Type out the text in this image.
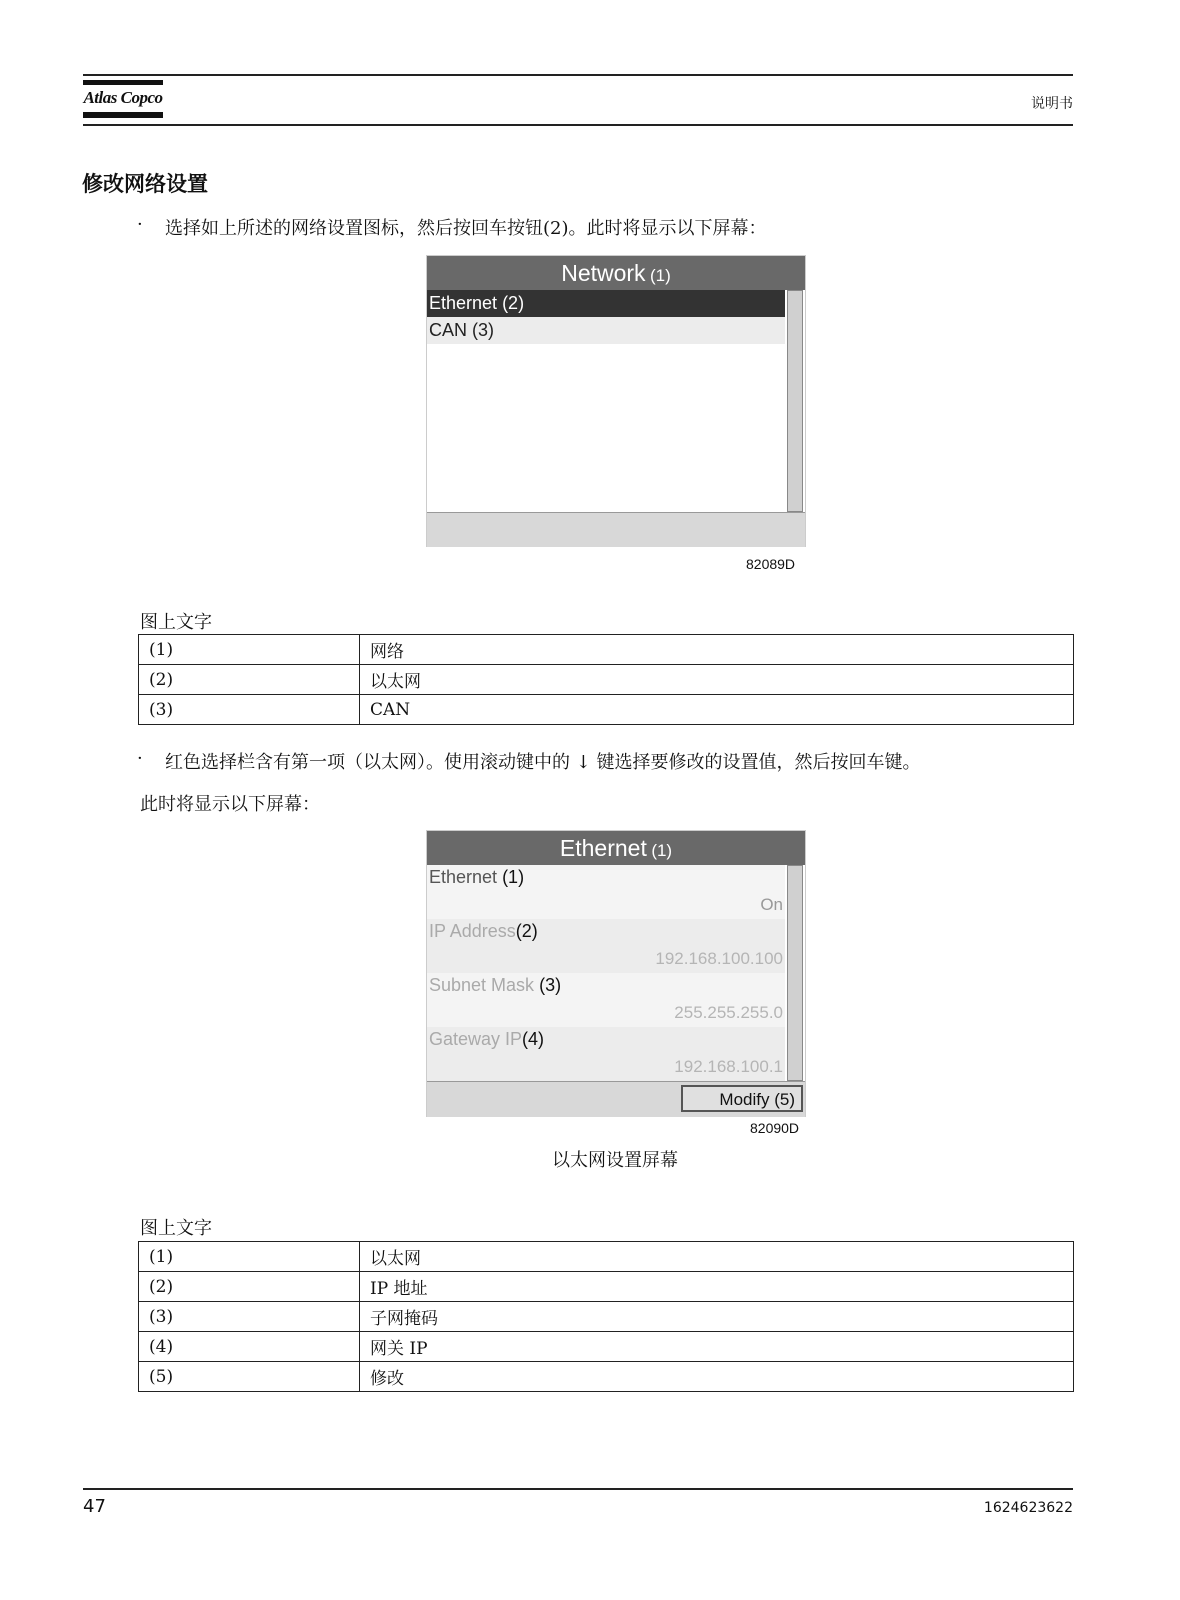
Atlas Copco	说明书
修改网络设置
· 选择如上所述的网络设置图标，然后按回车按钮(2)。此时将显示以下屏幕：
Network (1)
Ethernet (2)
CAN (3)
82089D
图上文字
(1)	网络
(2)	以太网
(3)	CAN
· 红色选择栏含有第一项（以太网）。使用滚动键中的 ↓ 键选择要修改的设置值，然后按回车键。
此时将显示以下屏幕：
Ethernet (1)
Ethernet (1)
On
IP Address(2)
192.168.100.100
Subnet Mask (3)
255.255.255.0
Gateway IP(4)
192.168.100.1
Modify (5)
82090D
以太网设置屏幕
图上文字
(1)	以太网
(2)	IP 地址
(3)	子网掩码
(4)	网关 IP
(5)	修改
47	1624623622
